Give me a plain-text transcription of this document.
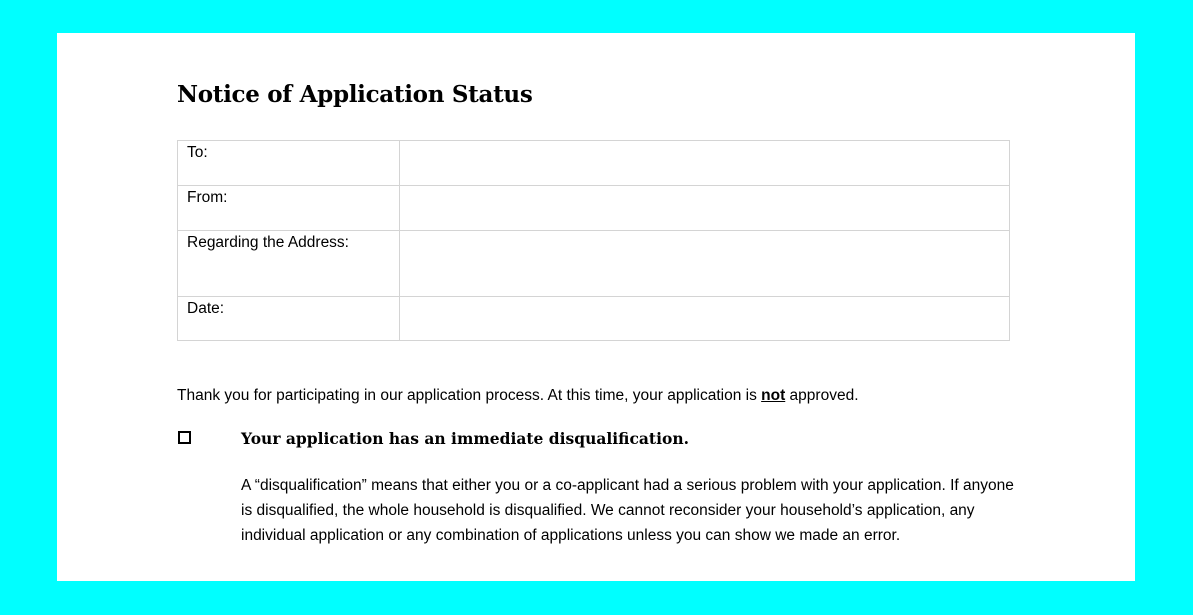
Notice of Application Status
To:	
From:	
Regarding the Address:	
Date:	
Thank you for participating in our application process. At this time, your application is not approved.
Your application has an immediate disqualification.

A “disqualification” means that either you or a co-applicant had a serious problem with your application. If anyone is disqualified, the whole household is disqualified. We cannot reconsider your household’s application, any individual application or any combination of applications unless you can show we made an error.
